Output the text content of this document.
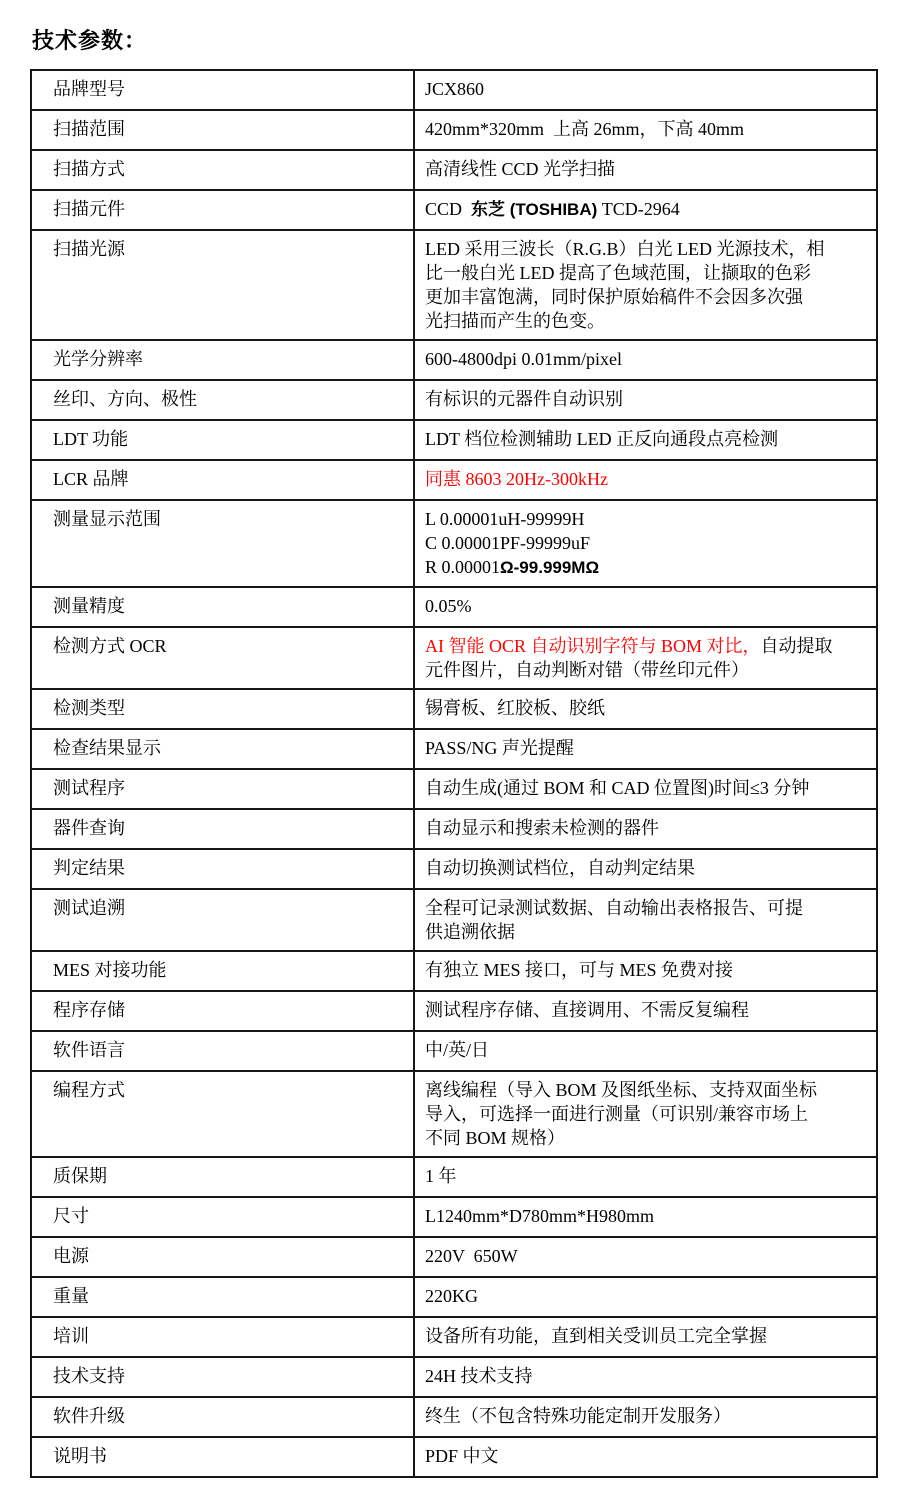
技术参数：
品牌型号	JCX860

扫描范围	420mm*320mm  上高 26mm，下高 40mm

扫描方式	高清线性 CCD 光学扫描

扫描元件	CCD  东芝 (TOSHIBA) TCD-2964

扫描光源	LED 采用三波长（R.G.B）白光 LED 光源技术，相
比一般白光 LED 提高了色域范围，让撷取的色彩
更加丰富饱满，同时保护原始稿件不会因多次强
光扫描而产生的色变。

光学分辨率	600-4800dpi 0.01mm/pixel

丝印、方向、极性	有标识的元器件自动识别

LDT 功能	LDT 档位检测辅助 LED 正反向通段点亮检测

LCR 品牌	同惠 8603 20Hz-300kHz

测量显示范围	L 0.00001uH-99999H
C 0.00001PF-99999uF
R 0.00001Ω-99.999MΩ

测量精度	0.05%

检测方式 OCR	AI 智能 OCR 自动识别字符与 BOM 对比，自动提取
元件图片，自动判断对错（带丝印元件）

检测类型	锡膏板、红胶板、胶纸

检查结果显示	PASS/NG 声光提醒

测试程序	自动生成(通过 BOM 和 CAD 位置图)时间≤3 分钟

器件查询	自动显示和搜索未检测的器件

判定结果	自动切换测试档位，自动判定结果

测试追溯	全程可记录测试数据、自动输出表格报告、可提
供追溯依据

MES 对接功能	有独立 MES 接口，可与 MES 免费对接

程序存储	测试程序存储、直接调用、不需反复编程

软件语言	中/英/日

编程方式	离线编程（导入 BOM 及图纸坐标、支持双面坐标
导入，可选择一面进行测量（可识别/兼容市场上
不同 BOM 规格）

质保期	1 年

尺寸	L1240mm*D780mm*H980mm

电源	220V  650W

重量	220KG

培训	设备所有功能，直到相关受训员工完全掌握

技术支持	24H 技术支持

软件升级	终生（不包含特殊功能定制开发服务）

说明书	PDF 中文
